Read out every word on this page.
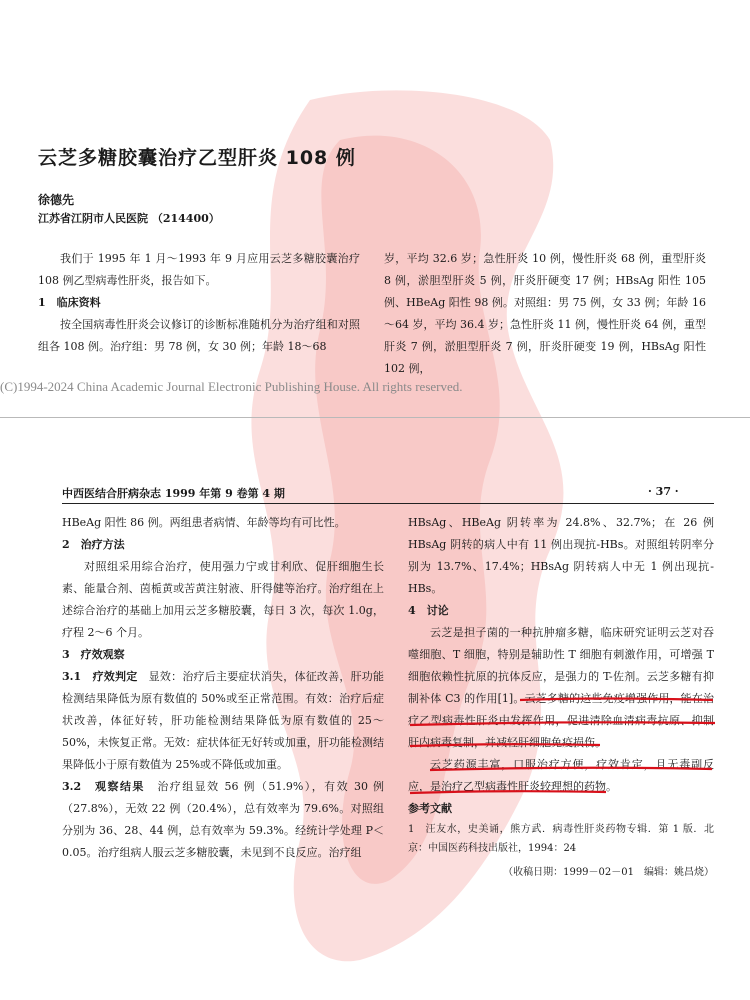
云芝多糖胶囊治疗乙型肝炎 108 例
徐德先
江苏省江阴市人民医院 （214400）

我们于 1995 年 1 月～1993 年 9 月应用云芝多糖胶囊治疗 108 例乙型病毒性肝炎，报告如下。

1　临床资料

按全国病毒性肝炎会议修订的诊断标准随机分为治疗组和对照组各 108 例。治疗组：男 78 例，女 30 例；年龄 18～68

岁，平均 32.6 岁；急性肝炎 10 例，慢性肝炎 68 例，重型肝炎 8 例，淤胆型肝炎 5 例，肝炎肝硬变 17 例；HBsAg 阳性 105 例、HBeAg 阳性 98 例。对照组：男 75 例，女 33 例；年龄 16～64 岁，平均 36.4 岁；急性肝炎 11 例，慢性肝炎 64 例，重型肝炎 7 例，淤胆型肝炎 7 例，肝炎肝硬变 19 例，HBsAg 阳性 102 例，

(C)1994-2024 China Academic Journal Electronic Publishing House. All rights reserved.
中西医结合肝病杂志 1999 年第 9 卷第 4 期	· 37 ·

HBeAg 阳性 86 例。两组患者病情、年龄等均有可比性。

2　治疗方法

对照组采用综合治疗，使用强力宁或甘利欣、促肝细胞生长素、能量合剂、茵栀黄或苦黄注射液、肝得健等治疗。治疗组在上述综合治疗的基础上加用云芝多糖胶囊，每日 3 次，每次 1.0g，疗程 2～6 个月。

3　疗效观察

3.1　疗效判定　 显效：治疗后主要症状消失，体征改善，肝功能检测结果降低为原有数值的 50%或至正常范围。有效：治疗后症状改善，体征好转，肝功能检测结果降低为原有数值的 25～50%，未恢复正常。无效：症状体征无好转或加重，肝功能检测结果降低小于原有数值为 25%或不降低或加重。

3.2　观察结果　 治疗组显效 56 例（51.9%），有效 30 例（27.8%），无效 22 例（20.4%），总有效率为 79.6%。对照组分别为 36、28、44 例，总有效率为 59.3%。经统计学处理 P＜0.05。治疗组病人服云芝多糖胶囊，未见到不良反应。治疗组

HBsAg、HBeAg 阴转率为 24.8%、32.7%；在 26 例 HBsAg 阴转的病人中有 11 例出现抗-HBs。对照组转阴率分别为 13.7%、17.4%；HBsAg 阴转病人中无 1 例出现抗-HBs。

4　讨论

云芝是担子菌的一种抗肿瘤多糖，临床研究证明云芝对吞噬细胞、T 细胞，特别是辅助性 T 细胞有刺激作用，可增强 T 细胞依赖性抗原的抗体反应，是强力的 T-佐剂。云芝多糖有抑制补体 C3 的作用[1]。云芝多糖的这些免疫增强作用，能在治疗乙型病毒性肝炎中发挥作用，促进清除血清病毒抗原、抑制肝内病毒复制，并减轻肝细胞免疫损伤。

云芝药源丰富，口服治疗方便，疗效肯定，且无毒副反应，是治疗乙型病毒性肝炎较理想的药物。

参考文献

1　汪友水，史美诵，熊方武．病毒性肝炎药物专辑．第 1 版．北京：中国医药科技出版社，1994：24

（收稿日期：1999－02－01　编辑：姚昌烧）
